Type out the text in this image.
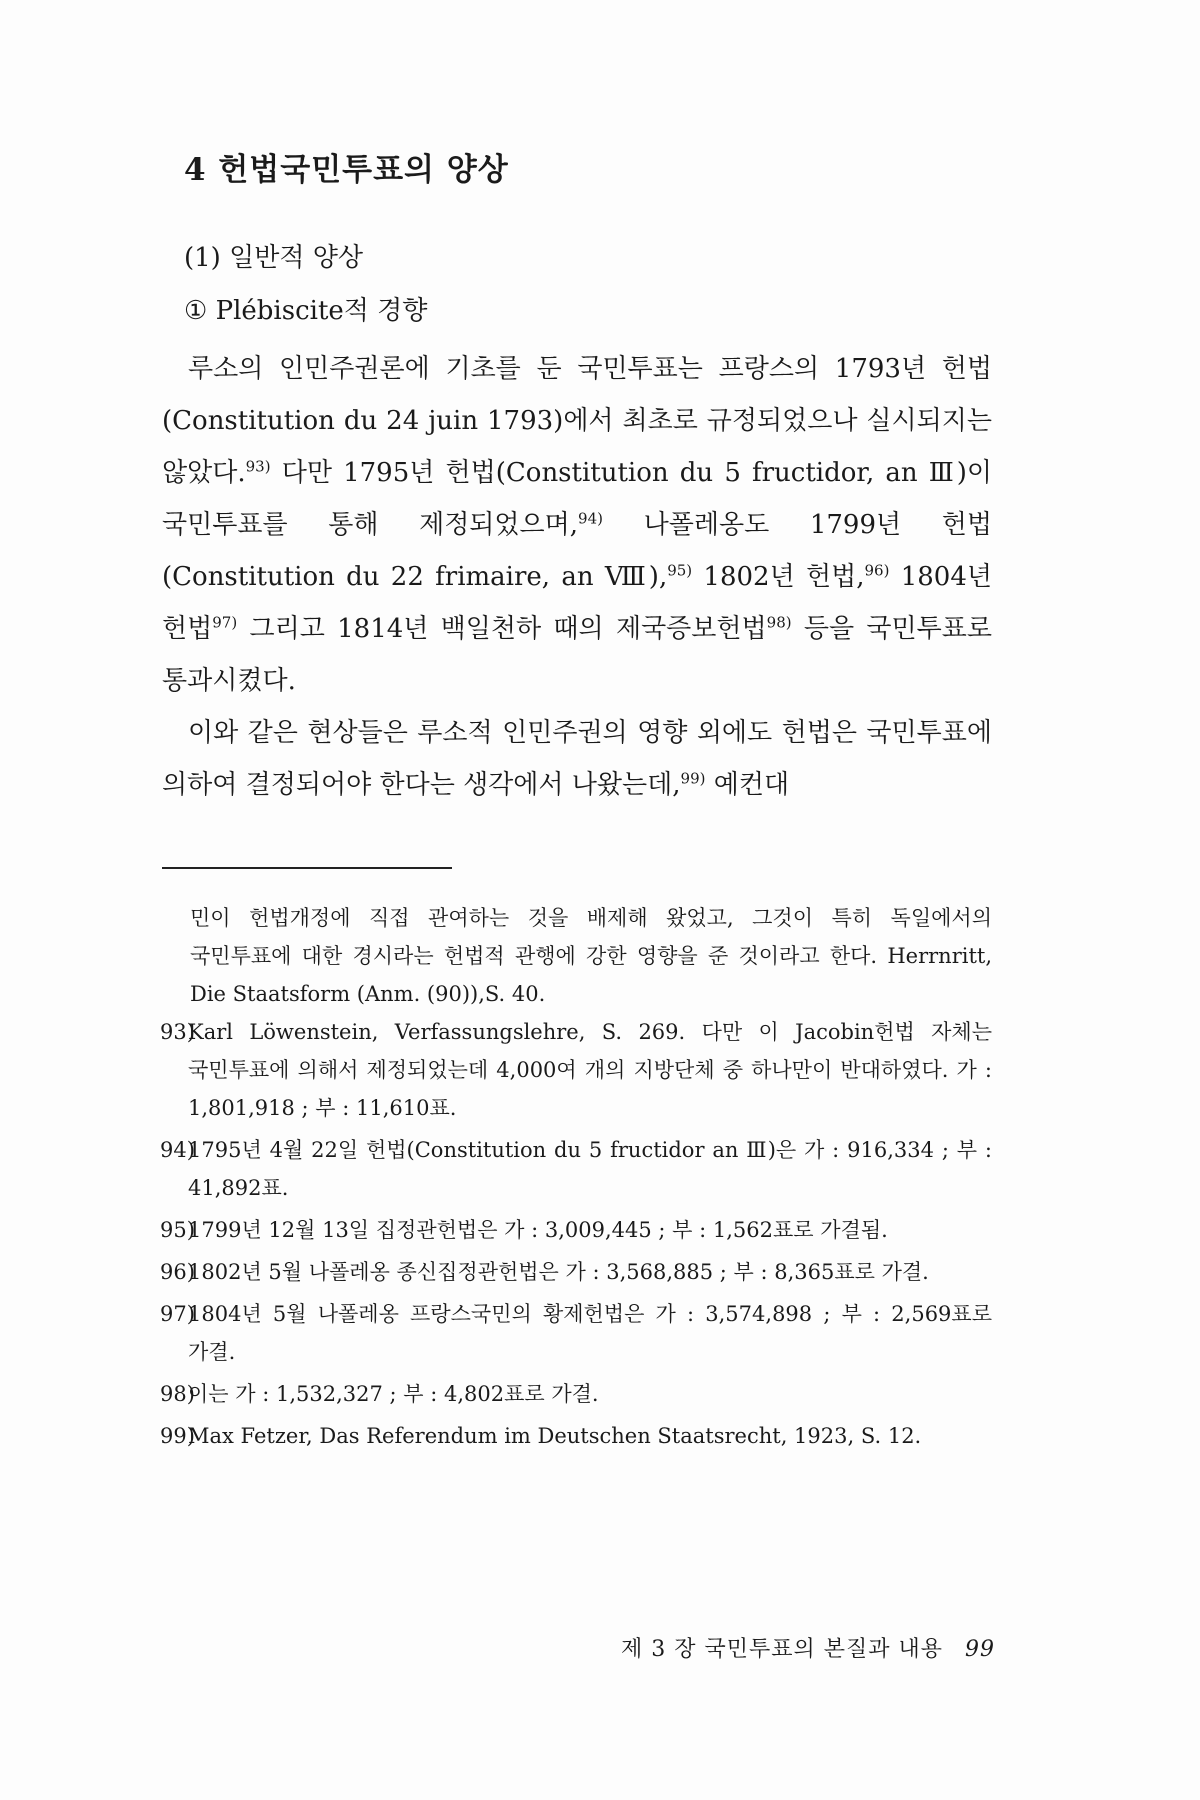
4 헌법국민투표의 양상
(1) 일반적 양상
① Plébiscite적 경향

루소의 인민주권론에 기초를 둔 국민투표는 프랑스의 1793년 헌법(Constitution du 24 juin 1793)에서 최초로 규정되었으나 실시되지는 않았다.$^{93)}$ 다만 1795년 헌법(Constitution du 5 fructidor, an Ⅲ)이 국민투표를 통해 제정되었으며,$^{94)}$ 나폴레옹도 1799년 헌법(Constitution du 22 frimaire, an Ⅷ),$^{95)}$ 1802년 헌법,$^{96)}$ 1804년 헌법$^{97)}$ 그리고 1814년 백일천하 때의 제국증보헌법$^{98)}$ 등을 국민투표로 통과시켰다.

이와 같은 현상들은 루소적 인민주권의 영향 외에도 헌법은 국민투표에 의하여 결정되어야 한다는 생각에서 나왔는데,$^{99)}$ 예컨대

민이 헌법개정에 직접 관여하는 것을 배제해 왔었고, 그것이 특히 독일에서의 국민투표에 대한 경시라는 헌법적 관행에 강한 영향을 준 것이라고 한다. Herrnritt, Die Staatsform (Anm. (90)),S. 40.
93)
Karl Löwenstein, Verfassungslehre, S. 269. 다만 이 Jacobin헌법 자체는 국민투표에 의해서 제정되었는데 4,000여 개의 지방단체 중 하나만이 반대하였다. 가 : 1,801,918 ; 부 : 11,610표.
94)
1795년 4월 22일 헌법(Constitution du 5 fructidor an Ⅲ)은 가 : 916,334 ; 부 : 41,892표.
95)
1799년 12월 13일 집정관헌법은 가 : 3,009,445 ; 부 : 1,562표로 가결됨.
96)
1802년 5월 나폴레옹 종신집정관헌법은 가 : 3,568,885 ; 부 : 8,365표로 가결.
97)
1804년 5월 나폴레옹 프랑스국민의 황제헌법은 가 : 3,574,898 ; 부 : 2,569표로 가결.
98)
이는 가 : 1,532,327 ; 부 : 4,802표로 가결.
99)
Max Fetzer, Das Referendum im Deutschen Staatsrecht, 1923, S. 12.
제 3 장 국민투표의 본질과 내용 99
